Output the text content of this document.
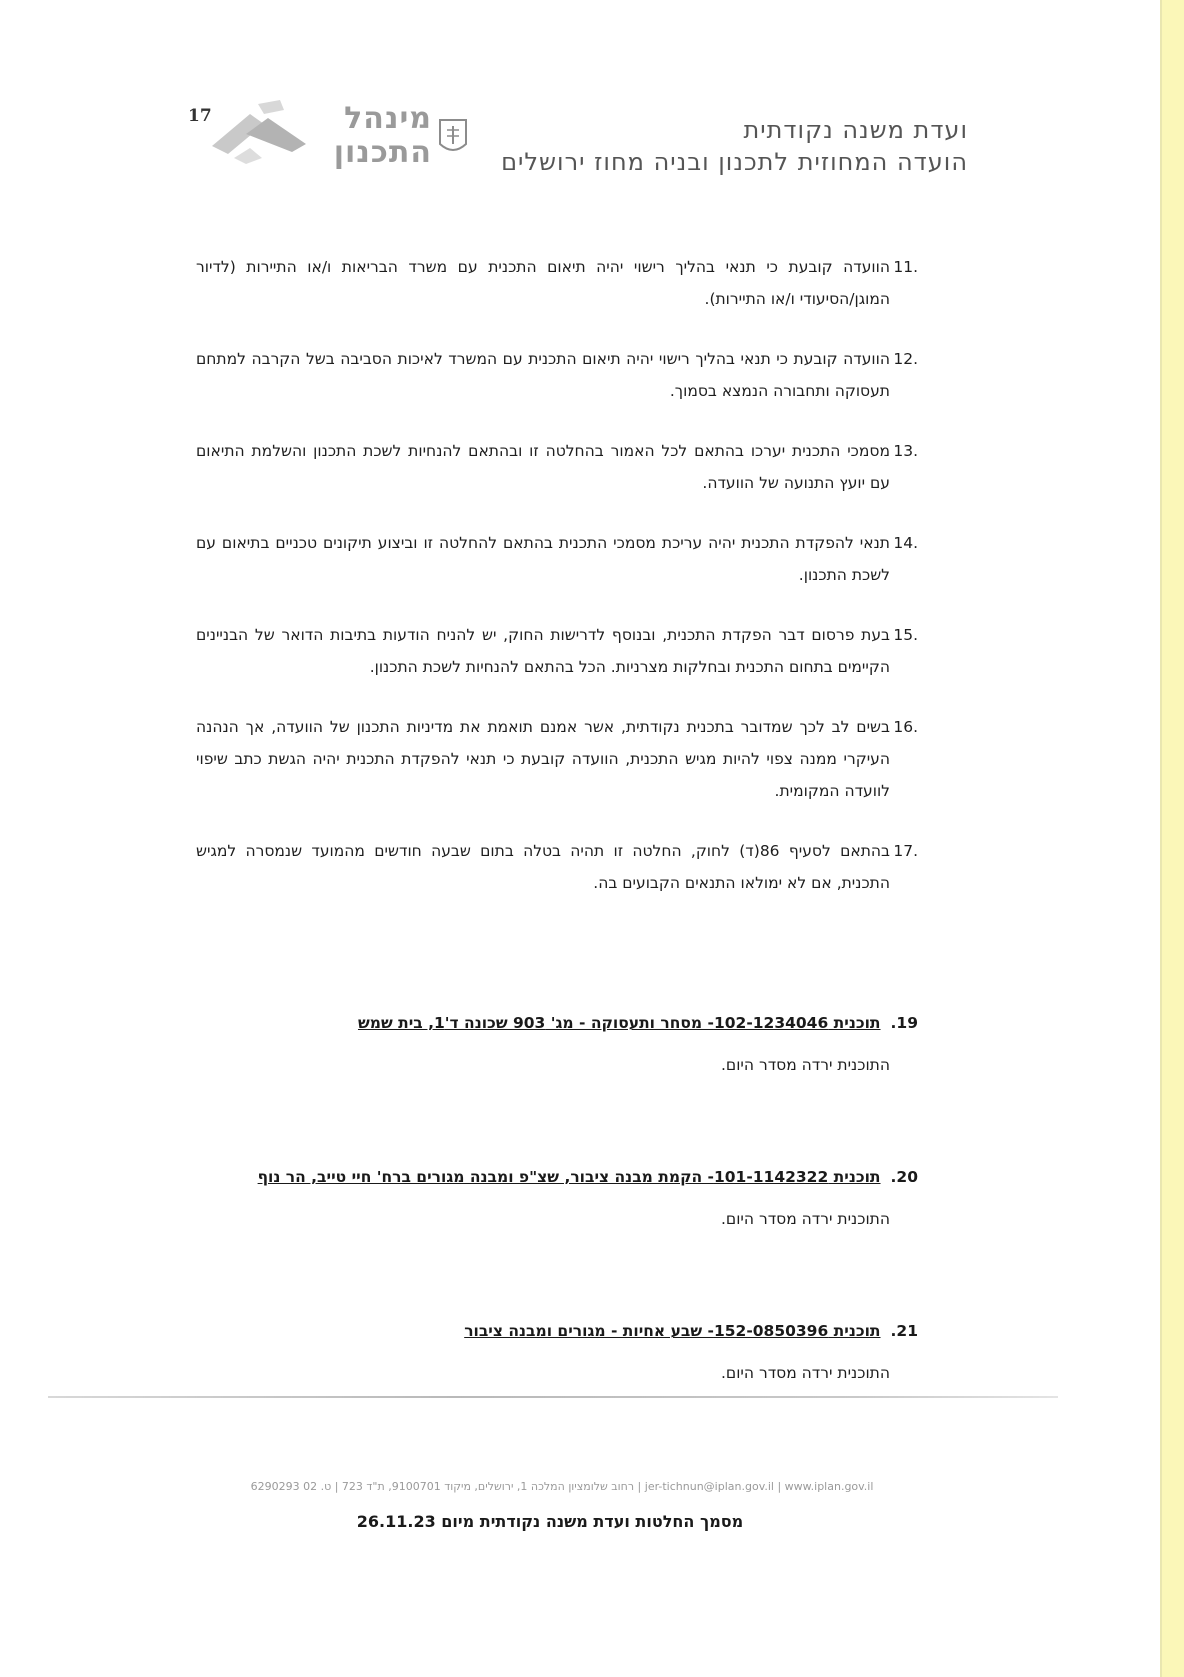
17	מינהל
התכנון
ועדת משנה נקודתית
הועדה המחוזית לתכנון ובניה מחוז ירושלים
11.
הוועדה קובעת כי תנאי בהליך רישוי יהיה תיאום התכנית עם משרד הבריאות ו/או התיירות (לדיור המוגן/הסיעודי ו/או התיירות).
12.
הוועדה קובעת כי תנאי בהליך רישוי יהיה תיאום התכנית עם המשרד לאיכות הסביבה בשל הקרבה למתחם תעסוקה ותחבורה הנמצא בסמוך.
13.
מסמכי התכנית יערכו בהתאם לכל האמור בהחלטה זו ובהתאם להנחיות לשכת התכנון והשלמת התיאום עם יועץ התנועה של הוועדה.
14.
תנאי להפקדת התכנית יהיה עריכת מסמכי התכנית בהתאם להחלטה זו וביצוע תיקונים טכניים בתיאום עם לשכת התכנון.
15.
בעת פרסום דבר הפקדת התכנית, ובנוסף לדרישות החוק, יש להניח הודעות בתיבות הדואר של הבניינים הקיימים בתחום התכנית ובחלקות מצרניות. הכל בהתאם להנחיות לשכת התכנון.
16.
בשים לב לכך שמדובר בתכנית נקודתית, אשר אמנם תואמת את מדיניות התכנון של הוועדה, אך הנהנה העיקרי ממנה צפוי להיות מגיש התכנית, הוועדה קובעת כי תנאי להפקדת התכנית יהיה הגשת כתב שיפוי לוועדה המקומית.
17.
בהתאם לסעיף 86(ד) לחוק, החלטה זו תהיה בטלה בתום שבעה חודשים מהמועד שנמסרה למגיש התכנית, אם לא ימולאו התנאים הקבועים בה.
19.תוכנית 102-1234046- מסחר ותעסוקה - מג' 903 שכונה ד'1, בית שמש
התוכנית ירדה מסדר היום.
20.תוכנית 101-1142322- הקמת מבנה ציבור, שצ"פ ומבנה מגורים ברח' חיי טייב, הר נוף
התוכנית ירדה מסדר היום.
21.תוכנית 152-0850396- שבע אחיות - מגורים ומבנה ציבור
התוכנית ירדה מסדר היום.
רחוב שלומציון המלכה 1, ירושלים, מיקוד 9100701, ת"ד 723 | ט. 02 6290293 | jer-tichnun@iplan.gov.il | www.iplan.gov.il
מסמך החלטות ועדת משנה נקודתית מיום 26.11.23
